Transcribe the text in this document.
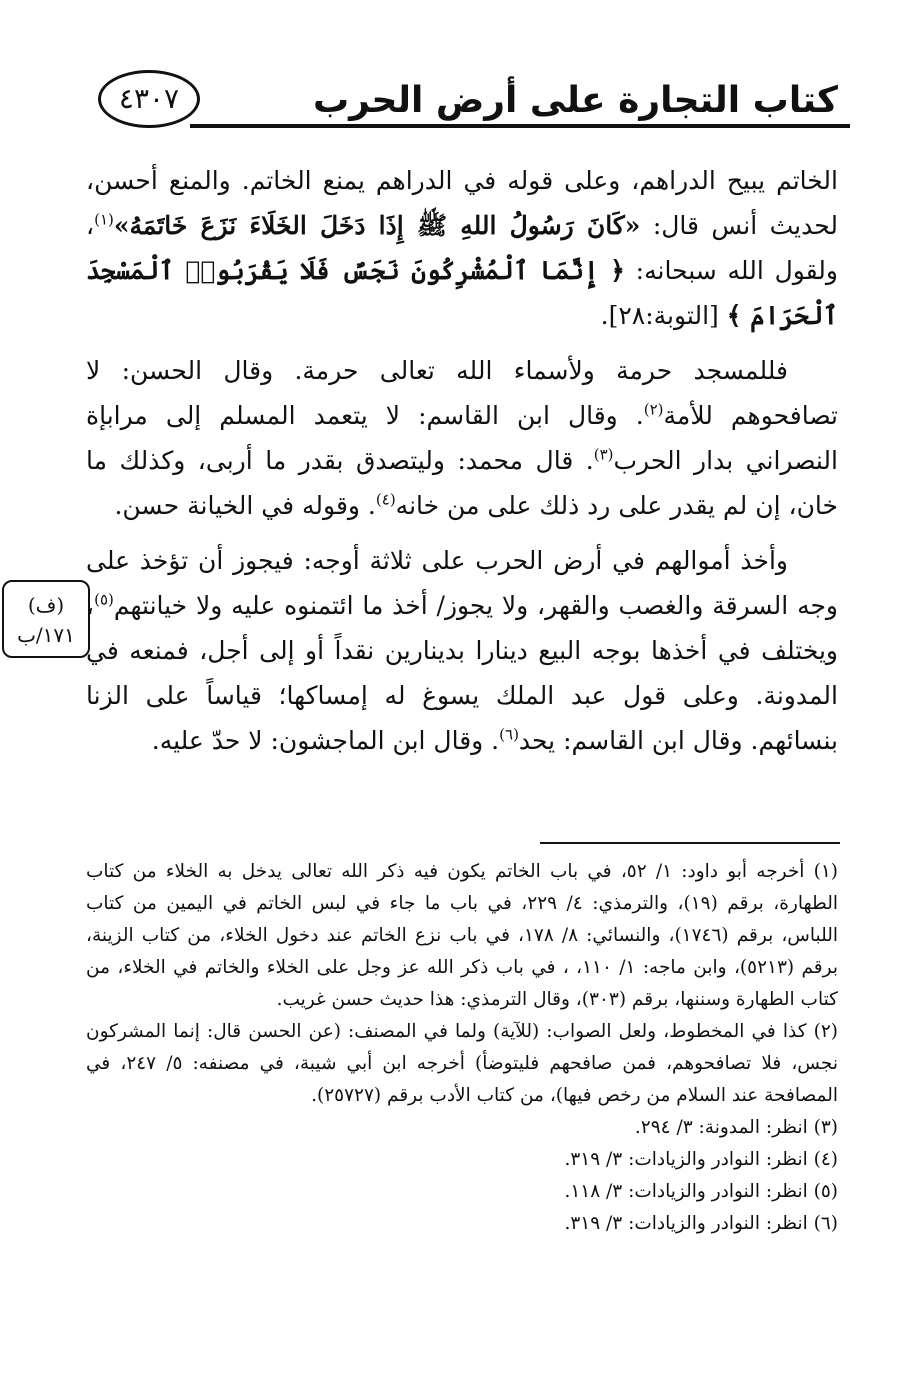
كتاب التجارة على أرض الحرب
٤٣٠٧

الخاتم يبيح الدراهم، وعلى قوله في الدراهم يمنع الخاتم. والمنع أحسن، لحديث أنس قال: «كَانَ رَسُولُ اللهِ ﷺ إِذَا دَخَلَ الخَلَاءَ نَزَعَ خَاتَمَهُ»$^{(١)}$، ولقول الله سبحانه: ﴿ إِنَّمَا ٱلْمُشْرِكُونَ نَجَسٌ فَلَا يَقْرَبُوا۟ ٱلْمَسْجِدَ ٱلْحَرَامَ ﴾ [التوبة:٢٨].

فللمسجد حرمة ولأسماء الله تعالى حرمة. وقال الحسن: لا تصافحوهم للأمة$^{(٢)}$. وقال ابن القاسم: لا يتعمد المسلم إلى مرابإة النصراني بدار الحرب$^{(٣)}$. قال محمد: وليتصدق بقدر ما أربى، وكذلك ما خان، إن لم يقدر على رد ذلك على من خانه$^{(٤)}$. وقوله في الخيانة حسن.

وأخذ أموالهم في أرض الحرب على ثلاثة أوجه: فيجوز أن تؤخذ على وجه السرقة والغصب والقهر، ولا يجوز/ أخذ ما ائتمنوه عليه ولا خيانتهم$^{(٥)}$، ويختلف في أخذها بوجه البيع دينارا بدينارين نقداً أو إلى أجل، فمنعه في المدونة. وعلى قول عبد الملك يسوغ له إمساكها؛ قياساً على الزنا بنسائهم. وقال ابن القاسم: يحد$^{(٦)}$. وقال ابن الماجشون: لا حدّ عليه.

(ف)
١٧١/ب

(١) أخرجه أبو داود: ١/ ٥٢، في باب الخاتم يكون فيه ذكر الله تعالى يدخل به الخلاء من كتاب الطهارة، برقم (١٩)، والترمذي: ٤/ ٢٢٩، في باب ما جاء في لبس الخاتم في اليمين من كتاب اللباس، برقم (١٧٤٦)، والنسائي: ٨/ ١٧٨، في باب نزع الخاتم عند دخول الخلاء، من كتاب الزينة، برقم (٥٢١٣)، وابن ماجه: ١/ ١١٠، ، في باب ذكر الله عز وجل على الخلاء والخاتم في الخلاء، من كتاب الطهارة وسننها، برقم (٣٠٣)، وقال الترمذي: هذا حديث حسن غريب.

(٢) كذا في المخطوط، ولعل الصواب: (للآية) ولما في المصنف: (عن الحسن قال: إنما المشركون نجس، فلا تصافحوهم، فمن صافحهم فليتوضأ) أخرجه ابن أبي شيبة، في مصنفه: ٥/ ٢٤٧، في المصافحة عند السلام من رخص فيها)، من كتاب الأدب برقم (٢٥٧٢٧).

(٣) انظر: المدونة: ٣/ ٢٩٤.

(٤) انظر: النوادر والزيادات: ٣/ ٣١٩.

(٥) انظر: النوادر والزيادات: ٣/ ١١٨.

(٦) انظر: النوادر والزيادات: ٣/ ٣١٩.
